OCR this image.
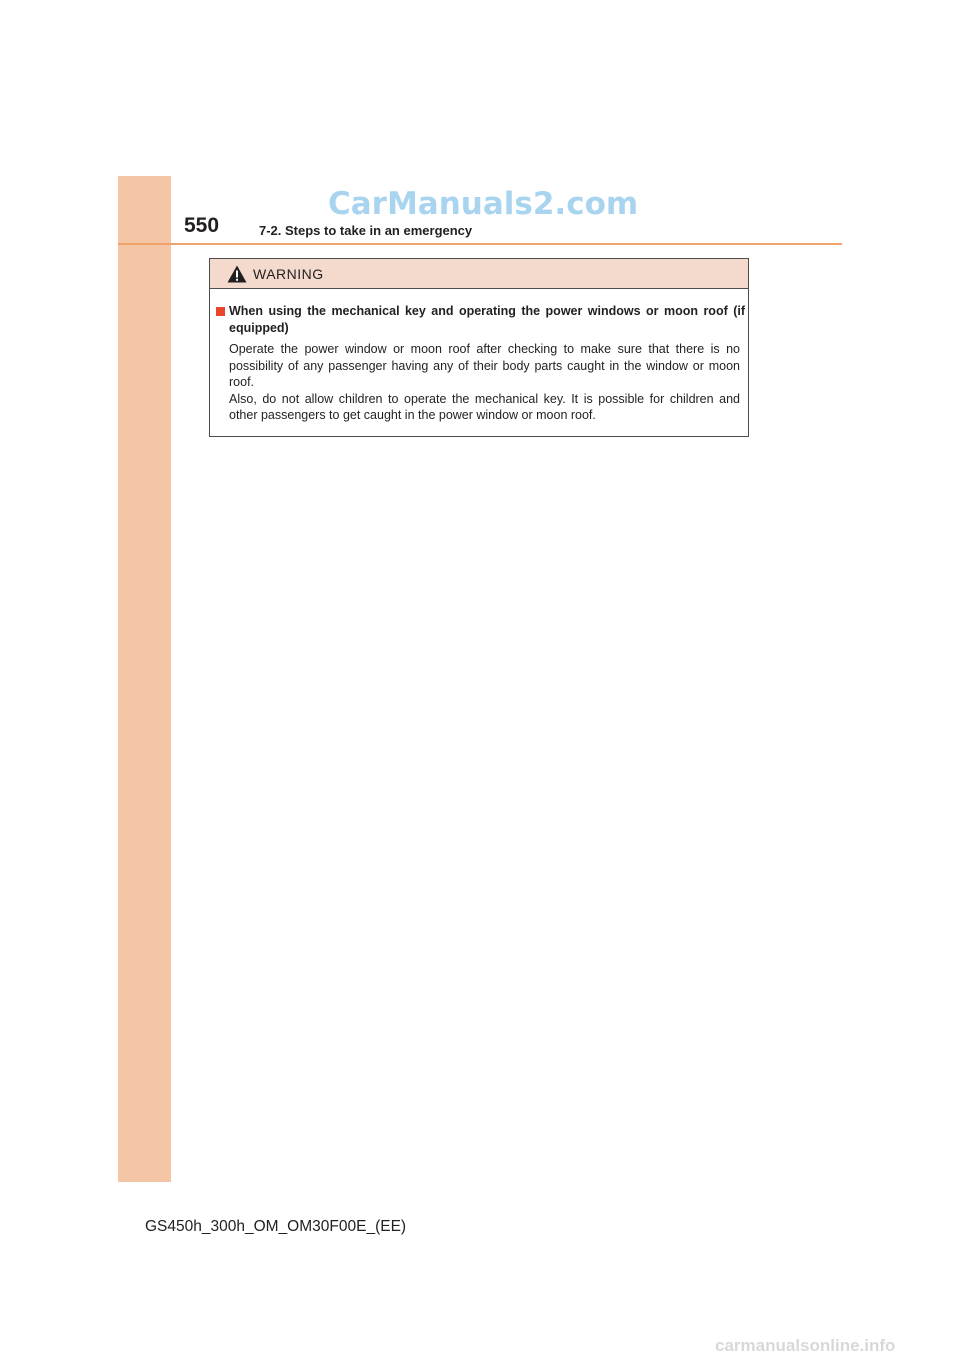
CarManuals2.com
550	7-2. Steps to take in an emergency
WARNING
When using the mechanical key and operating the power windows or moon roof (if equipped)

Operate the power window or moon roof after checking to make sure that there is no possibility of any passenger having any of their body parts caught in the window or moon roof.

Also, do not allow children to operate the mechanical key. It is possible for children and other passengers to get caught in the power window or moon roof.

GS450h_300h_OM_OM30F00E_(EE)
carmanualsonline.info
